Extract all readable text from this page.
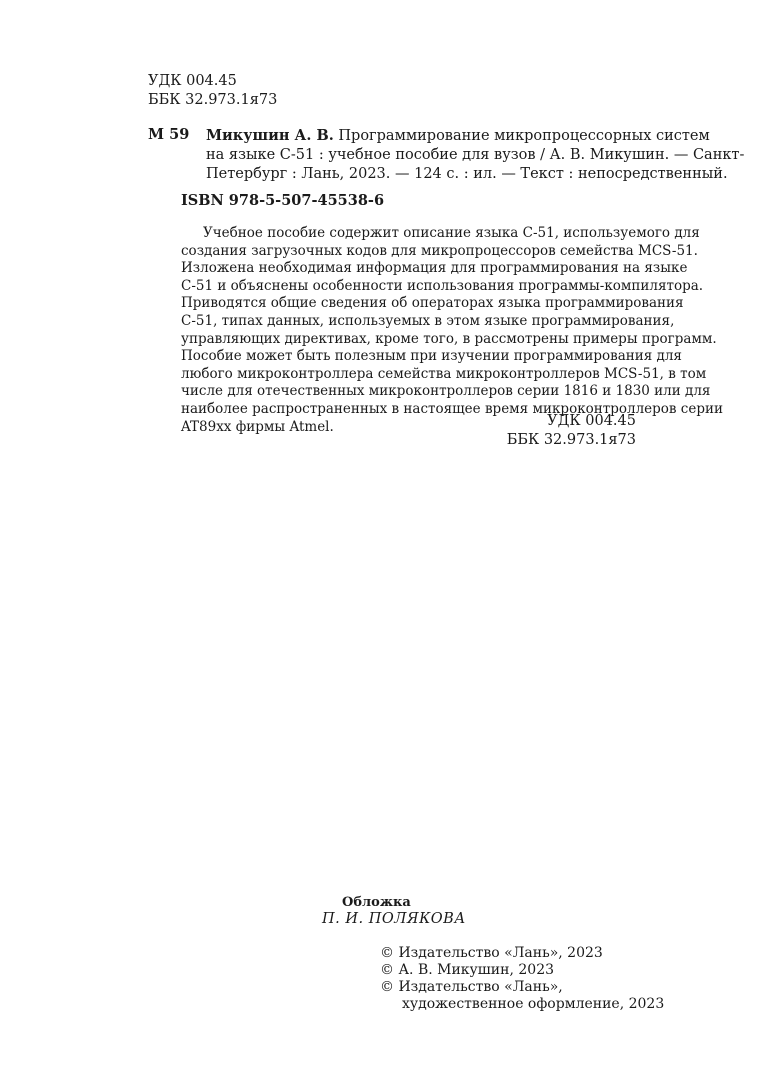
УДК 004.45
ББК 32.973.1я73
М 59 Микушин А. В. Программирование микропроцессорных систем
на языке С-51 : учебное пособие для вузов / А. В. Микушин. — Санкт-
Петербург : Лань, 2023. — 124 с. : ил. — Текст : непосредственный.
ISBN 978-5-507-45538-6
Учебное пособие содержит описание языка С-51, используемого для
создания загрузочных кодов для микропроцессоров семейства MCS-51.
Изложена необходимая информация для программирования на языке
С-51 и объяснены особенности использования программы-компилятора.
Приводятся общие сведения об операторах языка программирования
С-51, типах данных, используемых в этом языке программирования,
управляющих директивах, кроме того, в рассмотрены примеры программ.
Пособие может быть полезным при изучении программирования для
любого микроконтроллера семейства микроконтроллеров MCS-51, в том
числе для отечественных микроконтроллеров серии 1816 и 1830 или для
наиболее распространенных в настоящее время микроконтроллеров серии
AT89xx фирмы Atmel.	УДК 004.45
ББК 32.973.1я73
Обложка
П. И. ПОЛЯКОВА
© Издательство «Лань», 2023
© А. В. Микушин, 2023
© Издательство «Лань»,
художественное оформление, 2023
